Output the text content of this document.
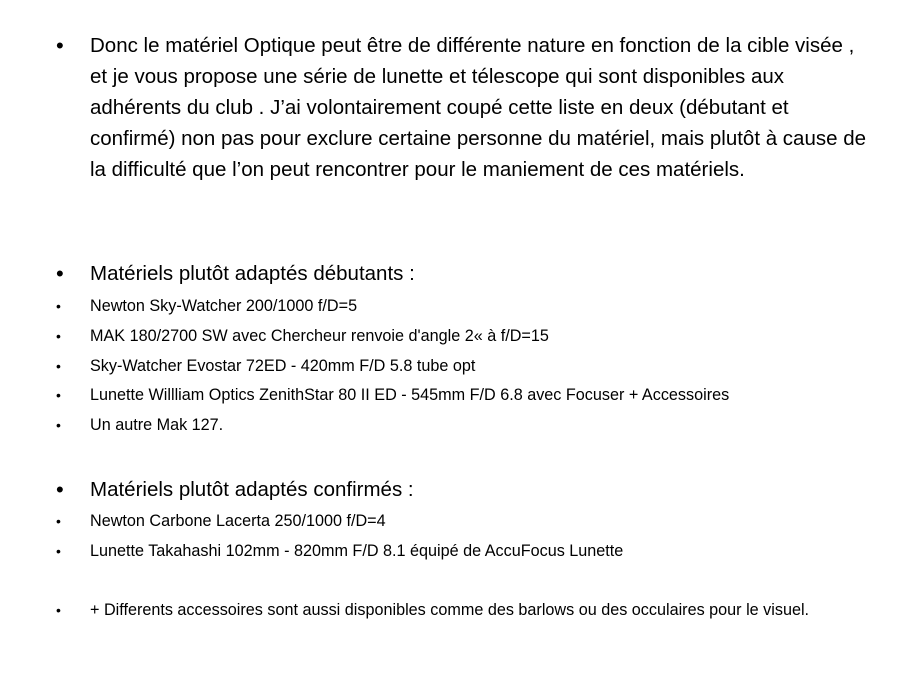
• Donc le matériel Optique peut être de différente nature en fonction de la cible visée , et je vous propose une série de lunette et télescope qui sont disponibles aux adhérents du club . J’ai volontairement coupé cette liste en deux (débutant et confirmé) non pas pour exclure certaine personne du matériel, mais plutôt à cause de la difficulté que l’on peut rencontrer pour le maniement de ces matériels.
• Matériels plutôt adaptés débutants :
• Newton Sky-Watcher 200/1000 f/D=5
• MAK 180/2700 SW avec Chercheur renvoie d'angle 2« à f/D=15
• Sky-Watcher Evostar 72ED - 420mm F/D 5.8 tube opt
• Lunette Willliam Optics ZenithStar 80 II ED - 545mm F/D 6.8 avec Focuser + Accessoires
• Un autre Mak 127.
• Matériels plutôt adaptés confirmés :
• Newton Carbone Lacerta 250/1000 f/D=4
• Lunette Takahashi 102mm - 820mm F/D 8.1 équipé de AccuFocus Lunette
• + Differents accessoires sont aussi disponibles comme des barlows ou des occulaires pour le visuel.
